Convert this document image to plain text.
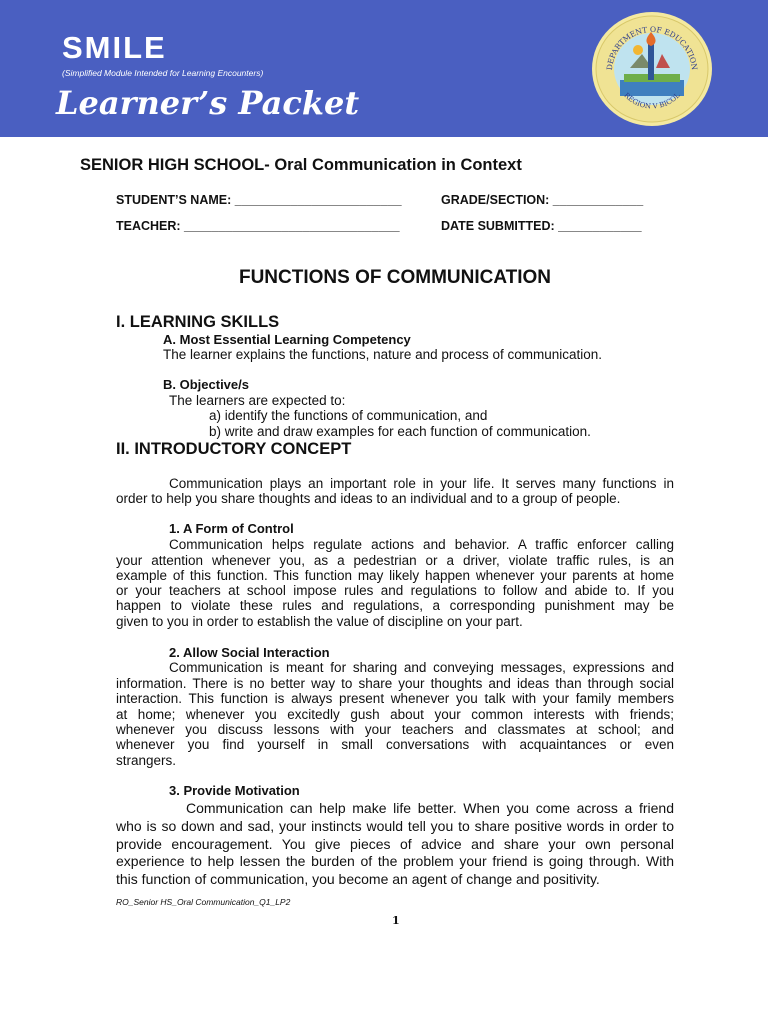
SMILE
(Simplified Module Intended for Learning Encounters)
Learner’s Packet
DEPARTMENT OF EDUCATION
REGION V BICOL
SENIOR HIGH SCHOOL- Oral Communication in Context
STUDENT’S NAME: ________________________	GRADE/SECTION: _____________
TEACHER: _______________________________	DATE SUBMITTED: ____________
FUNCTIONS OF COMMUNICATION
I. LEARNING SKILLS
A. Most Essential Learning Competency
The learner explains the functions, nature and process of communication.
B. Objective/s
The learners are expected to:
a) identify the functions of communication, and
b) write and draw examples for each function of communication.
II. INTRODUCTORY CONCEPT
Communication plays an important role in your life. It serves many functions in
order to help you share thoughts and ideas to an individual and to a group of people.
1. A Form of Control
Communication helps regulate actions and behavior. A traffic enforcer calling
your attention whenever you, as a pedestrian or a driver, violate traffic rules, is an
example of this function. This function may likely happen whenever your parents at home
or your teachers at school impose rules and regulations to follow and abide to. If you
happen to violate these rules and regulations, a corresponding punishment may be
given to you in order to establish the value of discipline on your part.
2. Allow Social Interaction
Communication is meant for sharing and conveying messages, expressions and
information. There is no better way to share your thoughts and ideas than through social
interaction. This function is always present whenever you talk with your family members
at home; whenever you excitedly gush about your common interests with friends;
whenever you discuss lessons with your teachers and classmates at school; and
whenever you find yourself in small conversations with acquaintances or even
strangers.
3. Provide Motivation
Communication can help make life better. When you come across a friend
who is so down and sad, your instincts would tell you to share positive words in order to
provide encouragement. You give pieces of advice and share your own personal
experience to help lessen the burden of the problem your friend is going through. With
this function of communication, you become an agent of change and positivity.
RO_Senior HS_Oral Communication_Q1_LP2
1
